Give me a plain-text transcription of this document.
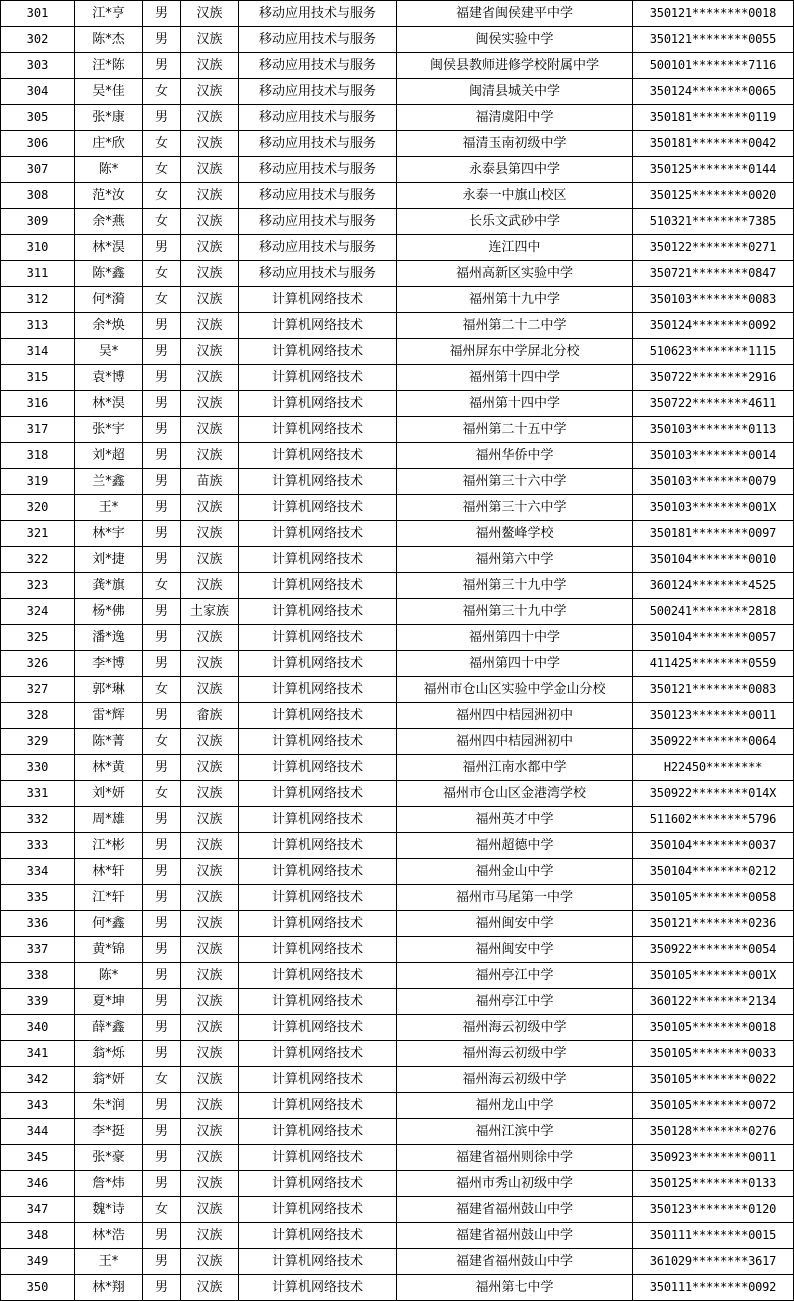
301	江*亨	男	汉族	移动应用技术与服务	福建省闽侯建平中学	350121********0018
302	陈*杰	男	汉族	移动应用技术与服务	闽侯实验中学	350121********0055
303	汪*陈	男	汉族	移动应用技术与服务	闽侯县教师进修学校附属中学	500101********7116
304	吴*佳	女	汉族	移动应用技术与服务	闽清县城关中学	350124********0065
305	张*康	男	汉族	移动应用技术与服务	福清虞阳中学	350181********0119
306	庄*欣	女	汉族	移动应用技术与服务	福清玉南初级中学	350181********0042
307	陈*	女	汉族	移动应用技术与服务	永泰县第四中学	350125********0144
308	范*汝	女	汉族	移动应用技术与服务	永泰一中旗山校区	350125********0020
309	余*燕	女	汉族	移动应用技术与服务	长乐文武砂中学	510321********7385
310	林*淏	男	汉族	移动应用技术与服务	连江四中	350122********0271
311	陈*鑫	女	汉族	移动应用技术与服务	福州高新区实验中学	350721********0847
312	何*漪	女	汉族	计算机网络技术	福州第十九中学	350103********0083
313	余*焕	男	汉族	计算机网络技术	福州第二十二中学	350124********0092
314	吴*	男	汉族	计算机网络技术	福州屏东中学屏北分校	510623********1115
315	袁*博	男	汉族	计算机网络技术	福州第十四中学	350722********2916
316	林*淏	男	汉族	计算机网络技术	福州第十四中学	350722********4611
317	张*宇	男	汉族	计算机网络技术	福州第二十五中学	350103********0113
318	刘*超	男	汉族	计算机网络技术	福州华侨中学	350103********0014
319	兰*鑫	男	苗族	计算机网络技术	福州第三十六中学	350103********0079
320	王*	男	汉族	计算机网络技术	福州第三十六中学	350103********001X
321	林*宇	男	汉族	计算机网络技术	福州鳌峰学校	350181********0097
322	刘*捷	男	汉族	计算机网络技术	福州第六中学	350104********0010
323	龚*旗	女	汉族	计算机网络技术	福州第三十九中学	360124********4525
324	杨*佛	男	土家族	计算机网络技术	福州第三十九中学	500241********2818
325	潘*逸	男	汉族	计算机网络技术	福州第四十中学	350104********0057
326	李*博	男	汉族	计算机网络技术	福州第四十中学	411425********0559
327	郭*琳	女	汉族	计算机网络技术	福州市仓山区实验中学金山分校	350121********0083
328	雷*辉	男	畲族	计算机网络技术	福州四中桔园洲初中	350123********0011
329	陈*菁	女	汉族	计算机网络技术	福州四中桔园洲初中	350922********0064
330	林*黄	男	汉族	计算机网络技术	福州江南水都中学	H22450********
331	刘*妍	女	汉族	计算机网络技术	福州市仓山区金港湾学校	350922********014X
332	周*雄	男	汉族	计算机网络技术	福州英才中学	511602********5796
333	江*彬	男	汉族	计算机网络技术	福州超德中学	350104********0037
334	林*轩	男	汉族	计算机网络技术	福州金山中学	350104********0212
335	江*轩	男	汉族	计算机网络技术	福州市马尾第一中学	350105********0058
336	何*鑫	男	汉族	计算机网络技术	福州闽安中学	350121********0236
337	黄*锦	男	汉族	计算机网络技术	福州闽安中学	350922********0054
338	陈*	男	汉族	计算机网络技术	福州亭江中学	350105********001X
339	夏*坤	男	汉族	计算机网络技术	福州亭江中学	360122********2134
340	薛*鑫	男	汉族	计算机网络技术	福州海云初级中学	350105********0018
341	翁*烁	男	汉族	计算机网络技术	福州海云初级中学	350105********0033
342	翁*妍	女	汉族	计算机网络技术	福州海云初级中学	350105********0022
343	朱*润	男	汉族	计算机网络技术	福州龙山中学	350105********0072
344	李*挺	男	汉族	计算机网络技术	福州江滨中学	350128********0276
345	张*豪	男	汉族	计算机网络技术	福建省福州则徐中学	350923********0011
346	詹*炜	男	汉族	计算机网络技术	福州市秀山初级中学	350125********0133
347	魏*诗	女	汉族	计算机网络技术	福建省福州鼓山中学	350123********0120
348	林*浩	男	汉族	计算机网络技术	福建省福州鼓山中学	350111********0015
349	王*	男	汉族	计算机网络技术	福建省福州鼓山中学	361029********3617
350	林*翔	男	汉族	计算机网络技术	福州第七中学	350111********0092
